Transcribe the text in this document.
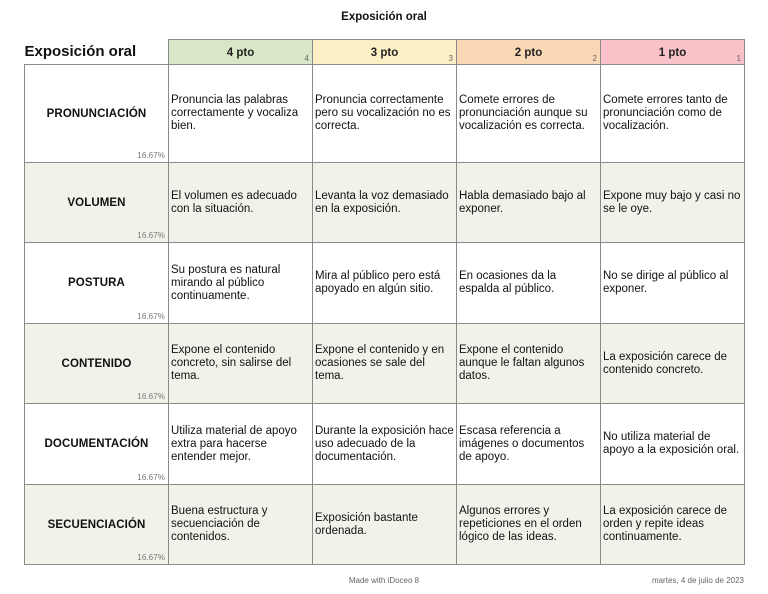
Exposición oral
Exposición oral	4 pto 4	3 pto 3	2 pto 2	1 pto 1

PRONUNCIACIÓN
16.67%	Pronuncia las palabras correctamente y vocaliza bien.	Pronuncia correctamente pero su vocalización no es correcta.	Comete errores de pronunciación aunque su vocalización es correcta.	Comete errores tanto de pronunciación como de vocalización.
VOLUMEN
16.67%	El volumen es adecuado con la situación.	Levanta la voz demasiado en la exposición.	Habla demasiado bajo al exponer.	Expone muy bajo y casi no se le oye.
POSTURA
16.67%	Su postura es natural mirando al público continuamente.	Mira al público pero está apoyado en algún sitio.	En ocasiones da la espalda al público.	No se dirige al público al exponer.
CONTENIDO
16.67%	Expone el contenido concreto, sin salirse del tema.	Expone el contenido y en ocasiones se sale del tema.	Expone el contenido aunque le faltan algunos datos.	La exposición carece de contenido concreto.
DOCUMENTACIÓN
16.67%	Utiliza material de apoyo extra para hacerse entender mejor.	Durante la exposición hace uso adecuado de la documentación.	Escasa referencia a imágenes o documentos de apoyo.	No utiliza material de apoyo a la exposición oral.
SECUENCIACIÓN
16.67%	Buena estructura y secuenciación de contenidos.	Exposición bastante ordenada.	Algunos errores y repeticiones en el orden lógico de las ideas.	La exposición carece de orden y repite ideas continuamente.
Made with iDoceo 8	martes, 4 de julio de 2023
